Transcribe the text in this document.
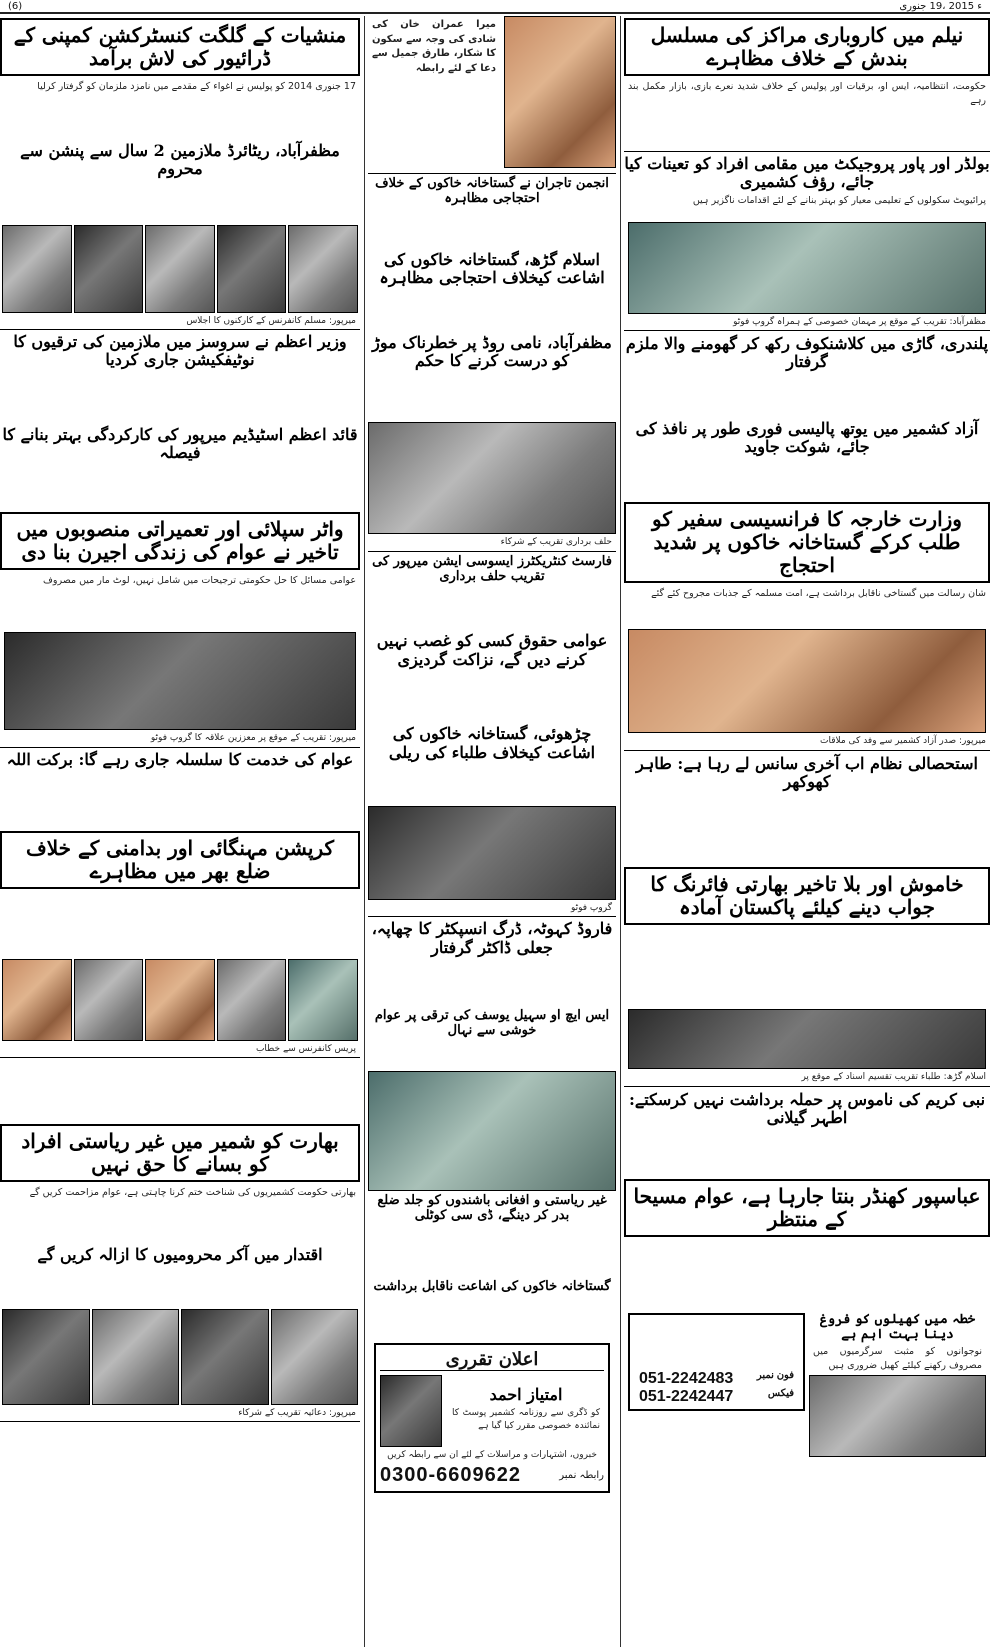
(6)	ء 2015 ،19 جنوری
نیلم میں کاروباری مراکز کی مسلسل بندش کے خلاف مظاہرے
حکومت، انتظامیہ، ایس او، برقیات اور پولیس کے خلاف شدید نعرے بازی، بازار مکمل بند رہے
بولڈر اور پاور پروجیکٹ میں مقامی افراد کو تعینات کیا جائے، رؤف کشمیری
پرائیویٹ سکولوں کے تعلیمی معیار کو بہتر بنانے کے لئے اقدامات ناگزیر ہیں
مظفرآباد: تقریب کے موقع پر مہمان خصوصی کے ہمراہ گروپ فوٹو
پلندری، گاڑی میں کلاشنکوف رکھ کر گھومنے والا ملزم گرفتار
آزاد کشمیر میں یوتھ پالیسی فوری طور پر نافذ کی جائے، شوکت جاوید
وزارت خارجہ کا فرانسیسی سفیر کو طلب کرکے گستاخانہ خاکوں پر شدید احتجاج
شان رسالت میں گستاخی ناقابل برداشت ہے، امت مسلمہ کے جذبات مجروح کئے گئے
میرپور: صدر آزاد کشمیر سے وفد کی ملاقات
استحصالی نظام اب آخری سانس لے رہا ہے: طاہر کھوکھر
خاموش اور بلا تاخیر بھارتی فائرنگ کا جواب دینے کیلئے پاکستان آمادہ
اسلام گڑھ: طلباء تقریب تقسیم اسناد کے موقع پر
نبی کریم کی ناموس پر حملہ برداشت نہیں کرسکتے: اطہر گیلانی
عباسپور کھنڈر بنتا جارہا ہے، عوام مسیحا کے منتظر
051-2242483 فون نمبر
051-2242447	فیکس
خطہ میں کھیلوں کو فروغ دینا بہت اہم ہے
نوجوانوں کو مثبت سرگرمیوں میں مصروف رکھنے کیلئے کھیل ضروری ہیں
میرا عمران خان کی شادی کی وجہ سے سکون کا شکار، طارق جمیل سے دعا کے لئے رابطہ
انجمن تاجران نے گستاخانہ خاکوں کے خلاف احتجاجی مظاہرہ
اسلام گڑھ، گستاخانہ خاکوں کی اشاعت کیخلاف احتجاجی مظاہرہ
مظفرآباد، نامی روڈ پر خطرناک موڑ کو درست کرنے کا حکم
حلف برداری تقریب کے شرکاء
فارسٹ کنٹریکٹرز ایسوسی ایشن میرپور کی تقریب حلف برداری
عوامی حقوق کسی کو غصب نہیں کرنے دیں گے، نزاکت گردیزی
چڑھوئی، گستاخانہ خاکوں کی اشاعت کیخلاف طلباء کی ریلی
گروپ فوٹو
فاروڈ کہوٹہ، ڈرگ انسپکٹر کا چھاپہ، جعلی ڈاکٹر گرفتار
ایس ایچ او سہیل یوسف کی ترقی پر عوام خوشی سے نہال
غیر ریاستی و افغانی باشندوں کو جلد ضلع بدر کر دینگے، ڈی سی کوٹلی
گستاخانہ خاکوں کی اشاعت ناقابل برداشت
اعلان تقرری
امتیاز احمد
کو ڈگری سے روزنامہ کشمیر پوسٹ کا نمائندہ خصوصی مقرر کیا گیا ہے
خبروں، اشتہارات و مراسلات کے لئے ان سے رابطہ کریں
0300-6609622	رابطہ نمبر
منشیات کے گلگت کنسٹرکشن کمپنی کے ڈرائیور کی لاش برآمد
17 جنوری 2014 کو پولیس نے اغواء کے مقدمے میں نامزد ملزمان کو گرفتار کرلیا
مظفرآباد، ریٹائرڈ ملازمین 2 سال سے پنشن سے محروم
میرپور: مسلم کانفرنس کے کارکنوں کا اجلاس
وزیر اعظم نے سروسز میں ملازمین کی ترقیوں کا نوٹیفکیشن جاری کردیا
قائد اعظم اسٹیڈیم میرپور کی کارکردگی بہتر بنانے کا فیصلہ
واٹر سپلائی اور تعمیراتی منصوبوں میں تاخیر نے عوام کی زندگی اجیرن بنا دی
عوامی مسائل کا حل حکومتی ترجیحات میں شامل نہیں، لوٹ مار میں مصروف
میرپور: تقریب کے موقع پر معززین علاقہ کا گروپ فوٹو
عوام کی خدمت کا سلسلہ جاری رہے گا: برکت اللہ
کرپشن مہنگائی اور بدامنی کے خلاف ضلع بھر میں مظاہرے
پریس کانفرنس سے خطاب
بھارت کو شمیر میں غیر ریاستی افراد کو بسانے کا حق نہیں
بھارتی حکومت کشمیریوں کی شناخت ختم کرنا چاہتی ہے، عوام مزاحمت کریں گے
اقتدار میں آکر محرومیوں کا ازالہ کریں گے
میرپور: دعائیہ تقریب کے شرکاء
